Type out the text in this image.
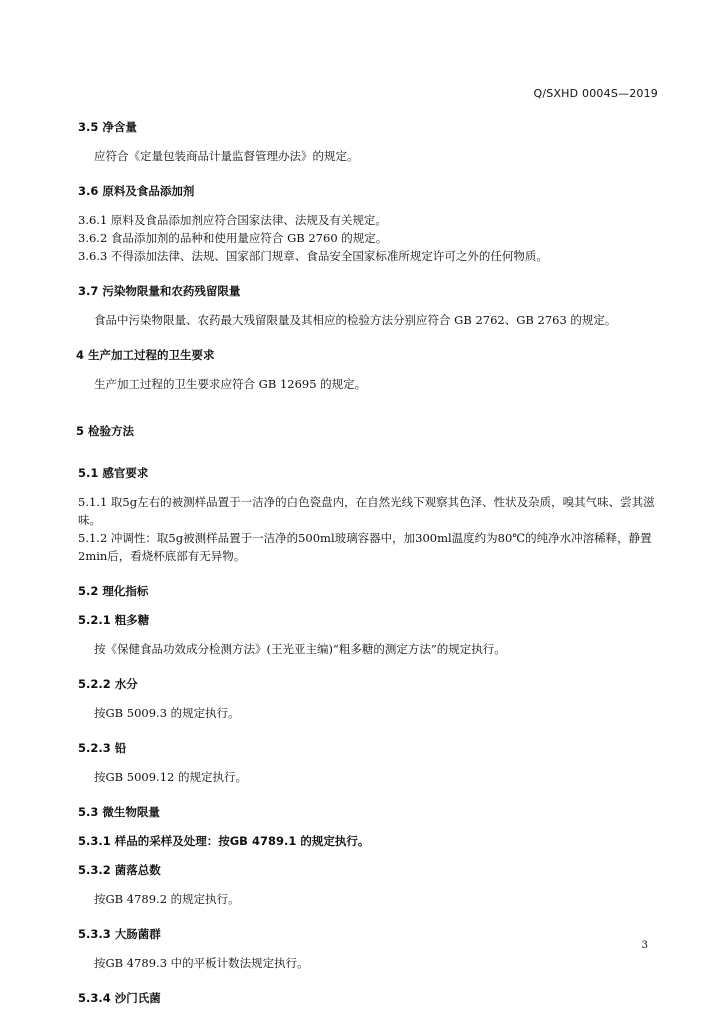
Q/SXHD 0004S—2019
3.5 净含量
应符合《定量包装商品计量监督管理办法》的规定。
3.6 原料及食品添加剂
3.6.1 原料及食品添加剂应符合国家法律、法规及有关规定。
3.6.2 食品添加剂的品种和使用量应符合 GB 2760 的规定。
3.6.3 不得添加法律、法规、国家部门规章、食品安全国家标准所规定许可之外的任何物质。
3.7 污染物限量和农药残留限量
食品中污染物限量、农药最大残留限量及其相应的检验方法分别应符合 GB 2762、GB 2763 的规定。
4 生产加工过程的卫生要求
生产加工过程的卫生要求应符合 GB 12695 的规定。
5 检验方法
5.1 感官要求
5.1.1 取5g左右的被测样品置于一洁净的白色瓷盘内，在自然光线下观察其色泽、性状及杂质，嗅其气味、尝其滋味。
5.1.2 冲调性：取5g被测样品置于一洁净的500ml玻璃容器中，加300ml温度约为80℃的纯净水冲溶稀释，静置2min后，看烧杯底部有无异物。
5.2 理化指标
5.2.1 粗多糖
按《保健食品功效成分检测方法》(王光亚主编)“粗多糖的测定方法”的规定执行。
5.2.2 水分
按GB 5009.3 的规定执行。
5.2.3 铅
按GB 5009.12 的规定执行。
5.3 微生物限量
5.3.1 样品的采样及处理：按GB 4789.1 的规定执行。
5.3.2 菌落总数
按GB 4789.2 的规定执行。
5.3.3 大肠菌群
按GB 4789.3 中的平板计数法规定执行。
5.3.4 沙门氏菌
3
